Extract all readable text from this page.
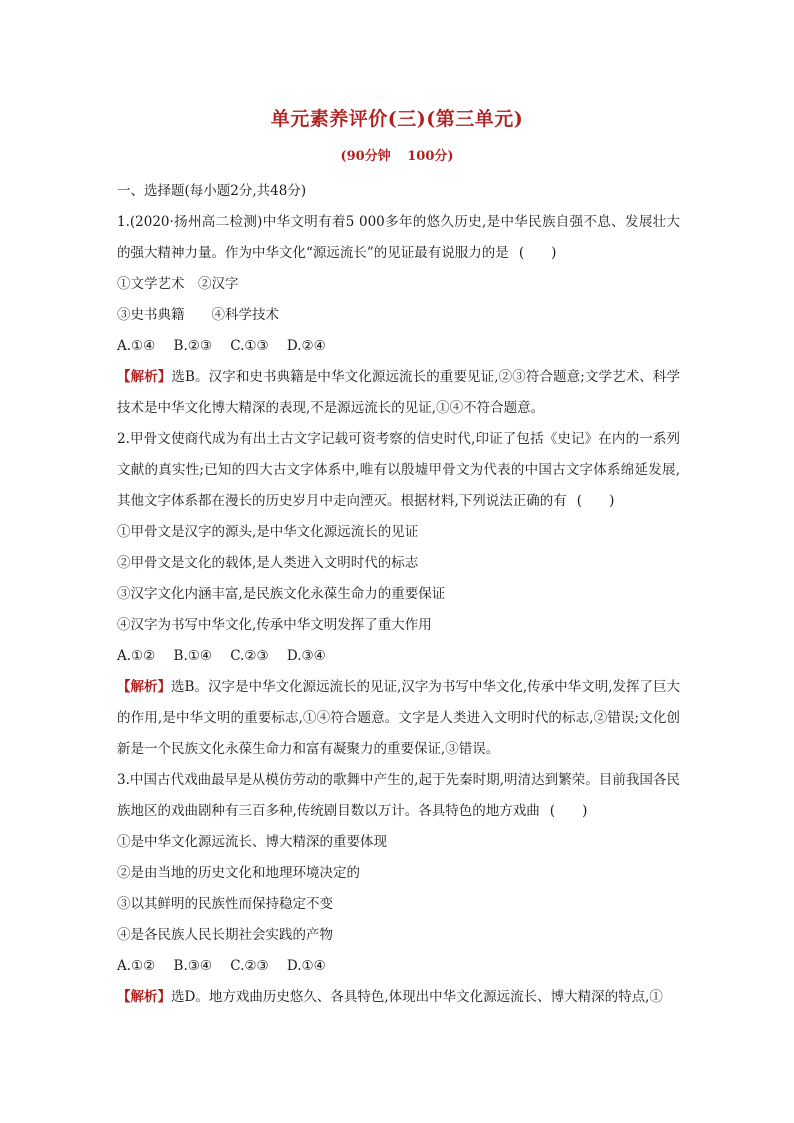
单元素养评价(三)(第三单元)
(90分钟 100分)
一、选择题(每小题2分,共48分)
1.(2020·扬州高二检测)中华文明有着5 000多年的悠久历史,是中华民族自强不息、发展壮大的强大精神力量。作为中华文化“源远流长”的见证最有说服力的是 (　　)
①文学艺术　②汉字
③史书典籍　　④科学技术
A.①④ B.②③ C.①③ D.②④
【解析】选B。汉字和史书典籍是中华文化源远流长的重要见证,②③符合题意;文学艺术、科学技术是中华文化博大精深的表现,不是源远流长的见证,①④不符合题意。
2.甲骨文使商代成为有出土古文字记载可资考察的信史时代,印证了包括《史记》在内的一系列文献的真实性;已知的四大古文字体系中,唯有以殷墟甲骨文为代表的中国古文字体系绵延发展,其他文字体系都在漫长的历史岁月中走向湮灭。根据材料,下列说法正确的有 (　　)
①甲骨文是汉字的源头,是中华文化源远流长的见证
②甲骨文是文化的载体,是人类进入文明时代的标志
③汉字文化内涵丰富,是民族文化永葆生命力的重要保证
④汉字为书写中华文化,传承中华文明发挥了重大作用
A.①② B.①④ C.②③ D.③④
【解析】选B。汉字是中华文化源远流长的见证,汉字为书写中华文化,传承中华文明,发挥了巨大的作用,是中华文明的重要标志,①④符合题意。文字是人类进入文明时代的标志,②错误;文化创新是一个民族文化永葆生命力和富有凝聚力的重要保证,③错误。
3.中国古代戏曲最早是从模仿劳动的歌舞中产生的,起于先秦时期,明清达到繁荣。目前我国各民族地区的戏曲剧种有三百多种,传统剧目数以万计。各具特色的地方戏曲 (　　)
①是中华文化源远流长、博大精深的重要体现
②是由当地的历史文化和地理环境决定的
③以其鲜明的民族性而保持稳定不变
④是各民族人民长期社会实践的产物
A.①② B.③④ C.②③ D.①④
【解析】选D。地方戏曲历史悠久、各具特色,体现出中华文化源远流长、博大精深的特点,①
